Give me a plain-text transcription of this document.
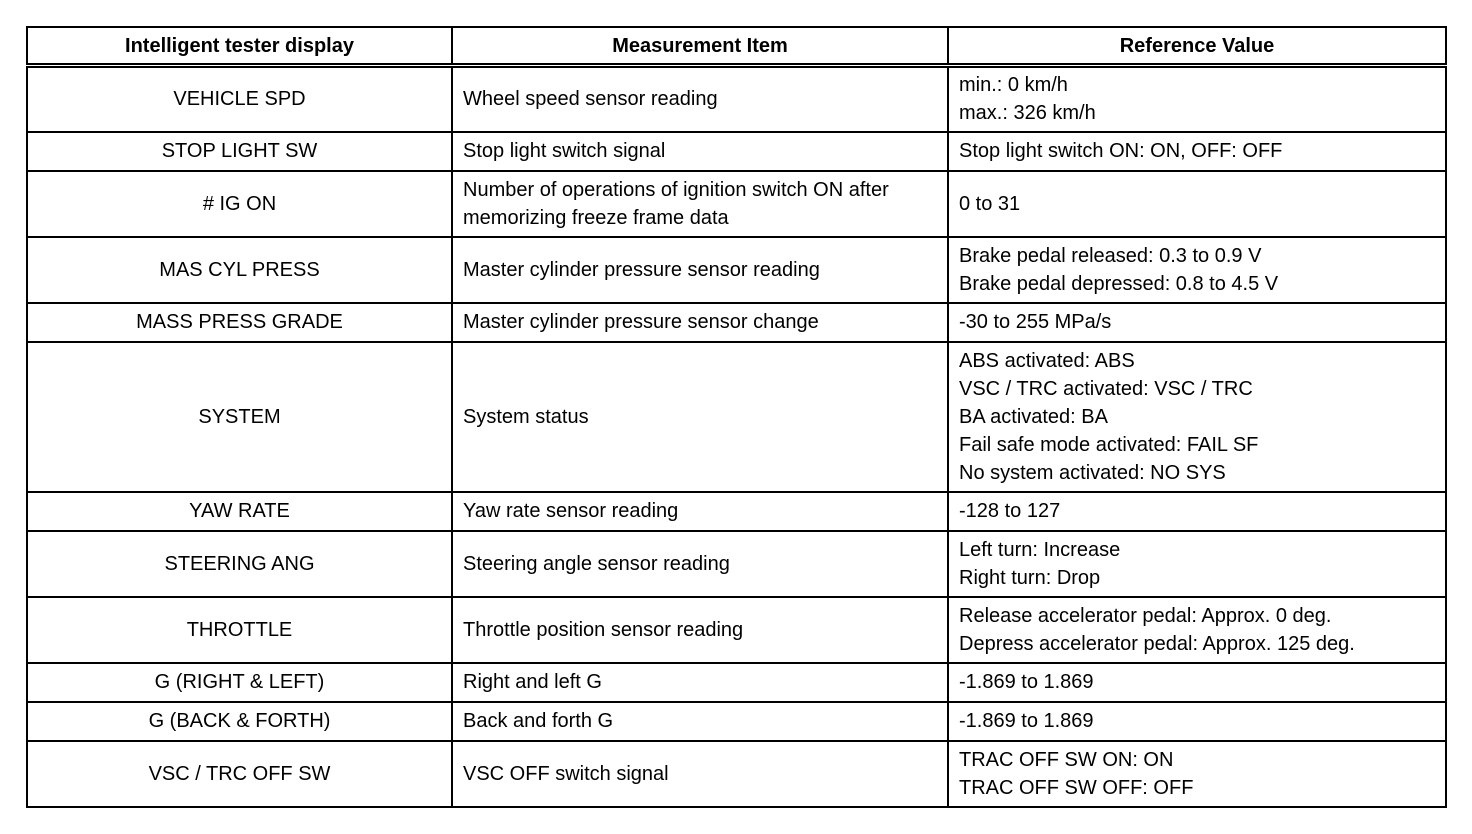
Intelligent tester display	Measurement Item	Reference Value
VEHICLE SPD	Wheel speed sensor reading	min.: 0 km/h
max.: 326 km/h

STOP LIGHT SW	Stop light switch signal	Stop light switch ON: ON, OFF: OFF

# IG ON	Number of operations of ignition switch ON after
memorizing freeze frame data	0 to 31

MAS CYL PRESS	Master cylinder pressure sensor reading	Brake pedal released: 0.3 to 0.9 V
Brake pedal depressed: 0.8 to 4.5 V

MASS PRESS GRADE	Master cylinder pressure sensor change	-30 to 255 MPa/s

SYSTEM	System status	ABS activated: ABS
VSC / TRC activated: VSC / TRC
BA activated: BA
Fail safe mode activated: FAIL SF
No system activated: NO SYS

YAW RATE	Yaw rate sensor reading	-128 to 127

STEERING ANG	Steering angle sensor reading	Left turn: Increase
Right turn: Drop

THROTTLE	Throttle position sensor reading	Release accelerator pedal: Approx. 0 deg.
Depress accelerator pedal: Approx. 125 deg.

G (RIGHT & LEFT)	Right and left G	-1.869 to 1.869

G (BACK & FORTH)	Back and forth G	-1.869 to 1.869

VSC / TRC OFF SW	VSC OFF switch signal	TRAC OFF SW ON: ON
TRAC OFF SW OFF: OFF
